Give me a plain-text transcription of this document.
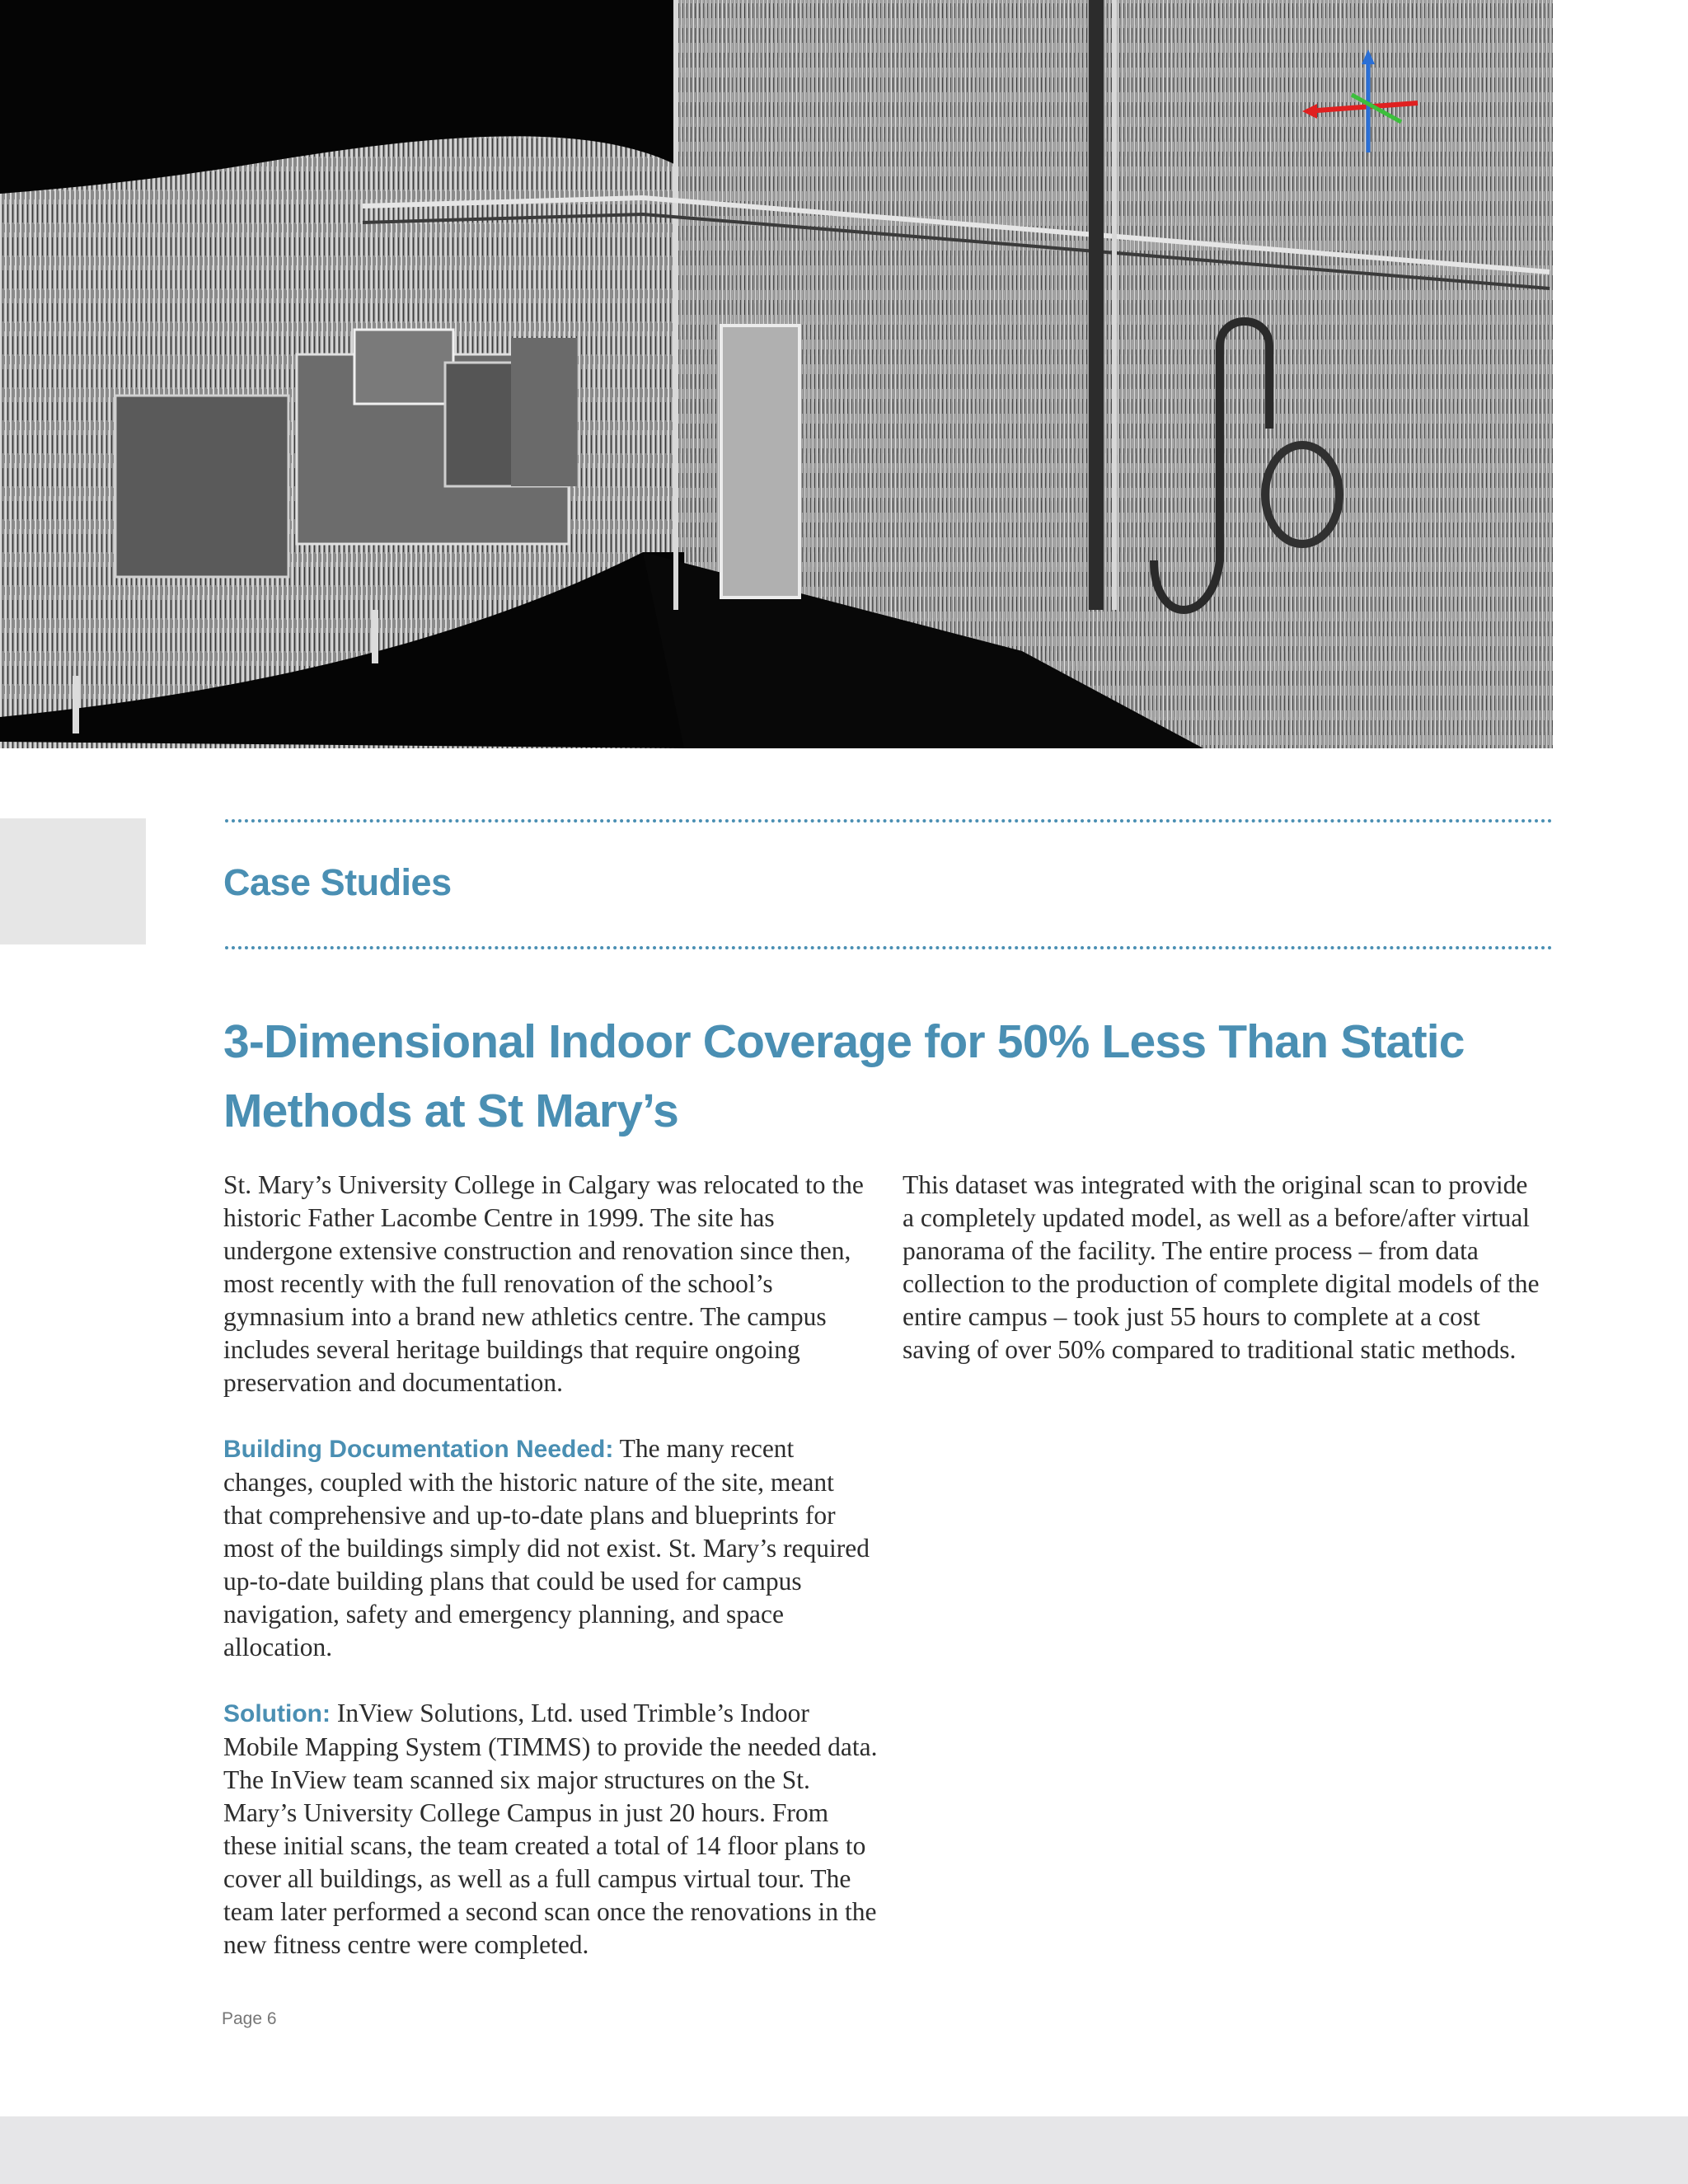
Case Studies
3-Dimensional Indoor Coverage for 50% Less Than Static
Methods at St Mary’s

St. Mary’s University College in Calgary was relocated to the historic Father Lacombe Centre in 1999. The site has undergone extensive construction and renovation since then, most recently with the full renovation of the school’s gymnasium into a brand new athletics centre. The campus includes several heritage buildings that require ongoing preservation and documentation.

Building Documentation Needed: The many recent changes, coupled with the historic nature of the site, meant that comprehensive and up-to-date plans and blueprints for most of the buildings simply did not exist. St. Mary’s required up-to-date building plans that could be used for campus navigation, safety and emergency planning, and space allocation.

Solution: InView Solutions, Ltd. used Trimble’s Indoor Mobile Mapping System (TIMMS) to provide the needed data. The InView team scanned six major structures on the St. Mary’s University College Campus in just 20 hours. From these initial scans, the team created a total of 14 floor plans to cover all buildings, as well as a full campus virtual tour. The team later performed a second scan once the renovations in the new fitness centre were completed.

This dataset was integrated with the original scan to provide a completely updated model, as well as a before/after virtual panorama of the facility. The entire process – from data collection to the production of complete digital models of the entire campus – took just 55 hours to complete at a cost saving of over 50% compared to traditional static methods.

Page 6
